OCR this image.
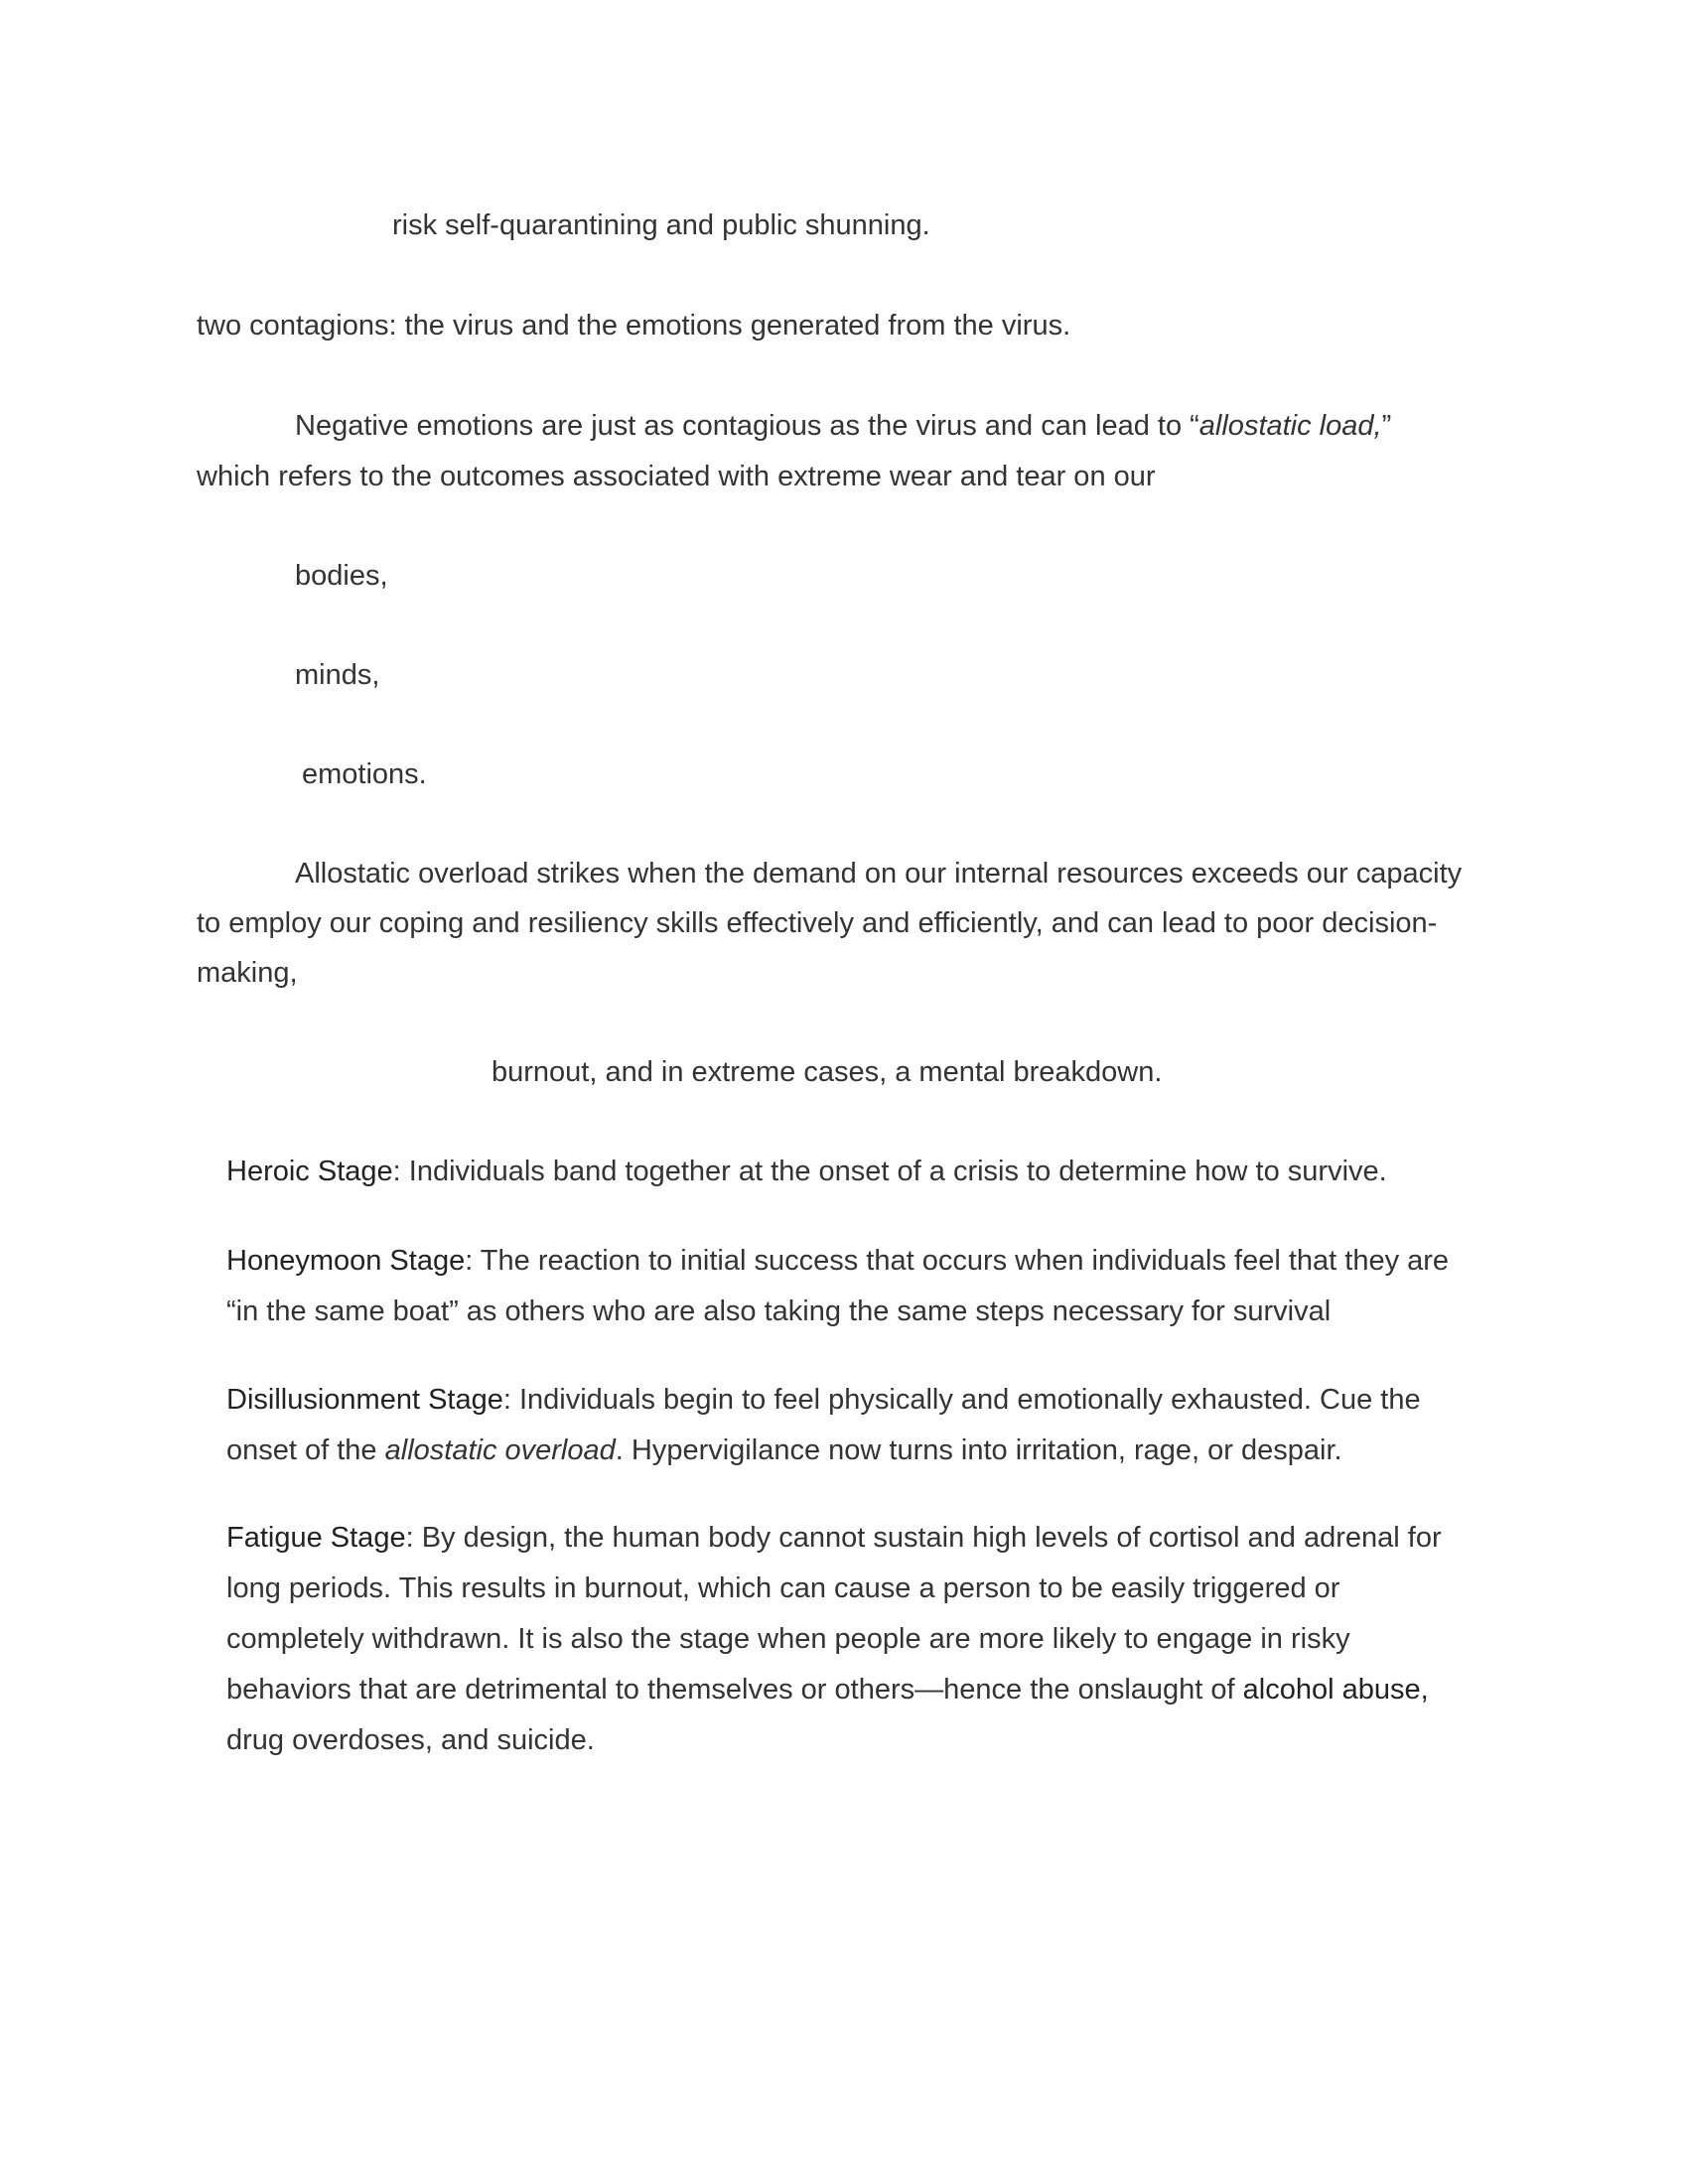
risk self-quarantining and public shunning.

two contagions: the virus and the emotions generated from the virus.

Negative emotions are just as contagious as the virus and can lead to “allostatic load,”

which refers to the outcomes associated with extreme wear and tear on our

bodies,

minds,

emotions.

Allostatic overload strikes when the demand on our internal resources exceeds our capacity

to employ our coping and resiliency skills effectively and efficiently, and can lead to poor decision-

making,

burnout, and in extreme cases, a mental breakdown.

Heroic Stage: Individuals band together at the onset of a crisis to determine how to survive.

Honeymoon Stage: The reaction to initial success that occurs when individuals feel that they are

“in the same boat” as others who are also taking the same steps necessary for survival

Disillusionment Stage: Individuals begin to feel physically and emotionally exhausted. Cue the

onset of the allostatic overload. Hypervigilance now turns into irritation, rage, or despair.

Fatigue Stage: By design, the human body cannot sustain high levels of cortisol and adrenal for

long periods. This results in burnout, which can cause a person to be easily triggered or

completely withdrawn. It is also the stage when people are more likely to engage in risky

behaviors that are detrimental to themselves or others—hence the onslaught of alcohol abuse,

drug overdoses, and suicide.
